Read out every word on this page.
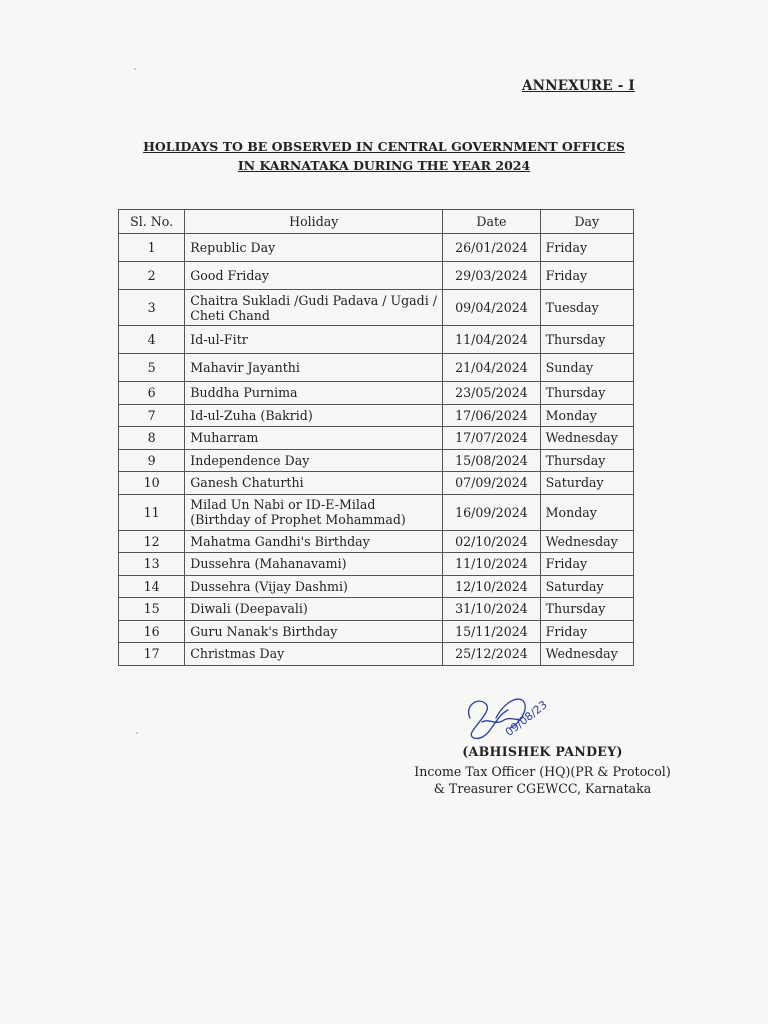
ANNEXURE - I
HOLIDAYS TO BE OBSERVED IN CENTRAL GOVERNMENT OFFICES
IN KARNATAKA DURING THE YEAR 2024
Sl. No.	Holiday	Date	Day
1	Republic Day	26/01/2024	Friday
2	Good Friday	29/03/2024	Friday
3	Chaitra Sukladi /Gudi Padava / Ugadi / Cheti Chand	09/04/2024	Tuesday
4	Id-ul-Fitr	11/04/2024	Thursday
5	Mahavir Jayanthi	21/04/2024	Sunday
6	Buddha Purnima	23/05/2024	Thursday
7	Id-ul-Zuha (Bakrid)	17/06/2024	Monday
8	Muharram	17/07/2024	Wednesday
9	Independence Day	15/08/2024	Thursday
10	Ganesh Chaturthi	07/09/2024	Saturday
11	Milad Un Nabi or ID-E-Milad (Birthday of Prophet Mohammad)	16/09/2024	Monday
12	Mahatma Gandhi's Birthday	02/10/2024	Wednesday
13	Dussehra (Mahanavami)	11/10/2024	Friday
14	Dussehra (Vijay Dashmi)	12/10/2024	Saturday
15	Diwali (Deepavali)	31/10/2024	Thursday
16	Guru Nanak's Birthday	15/11/2024	Friday
17	Christmas Day	25/12/2024	Wednesday
09/08/23
(ABHISHEK PANDEY)
Income Tax Officer (HQ)(PR & Protocol)
& Treasurer CGEWCC, Karnataka
